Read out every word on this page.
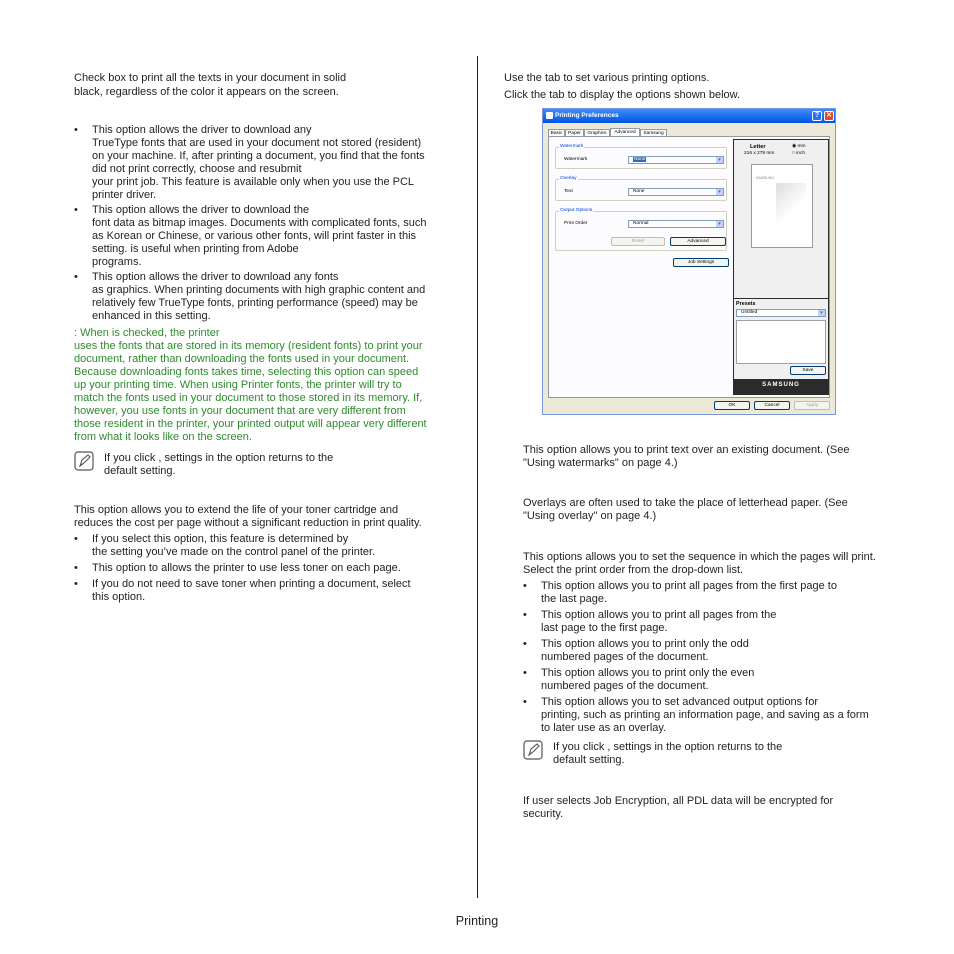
Check box to print all the texts in your document in solid
black, regardless of the color it appears on the screen.
• This option allows the driver to download any
TrueType fonts that are used in your document not stored (resident)
on your machine. If, after printing a document, you find that the fonts
did not print correctly, choose and resubmit
your print job. This feature is available only when you use the PCL
printer driver.
• This option allows the driver to download the
font data as bitmap images. Documents with complicated fonts, such
as Korean or Chinese, or various other fonts, will print faster in this
setting. is useful when printing from Adobe
programs.
• This option allows the driver to download any fonts
as graphics. When printing documents with high graphic content and
relatively few TrueType fonts, printing performance (speed) may be
enhanced in this setting.
: When is checked, the printer
uses the fonts that are stored in its memory (resident fonts) to print your
document, rather than downloading the fonts used in your document.
Because downloading fonts takes time, selecting this option can speed
up your printing time. When using Printer fonts, the printer will try to
match the fonts used in your document to those stored in its memory. If,
however, you use fonts in your document that are very different from
those resident in the printer, your printed output will appear very different
from what it looks like on the screen.
If you click , settings in the option returns to the
default setting.
This option allows you to extend the life of your toner cartridge and
reduces the cost per page without a significant reduction in print quality.
• If you select this option, this feature is determined by
the setting you’ve made on the control panel of the printer.
• This option to allows the printer to use less toner on each page.
• If you do not need to save toner when printing a document, select
this option.
Use the tab to set various printing options.
Click the tab to display the options shown below.
Printing Preferences	? ✕
Basic	Paper	Graphics	Advanced	Samsung
Watermark
Watermark	None	▾
Overlay
Text	None	▾
Output Options
Print Order	Normal	▾
Reset	Advanced
Job Settings
Letter
216 x 279 mm
◉ mm
○ inch
SAMSUNG
Presets
Untitled	▾
Save
SAMSUNG
OK	Cancel	Apply
This option allows you to print text over an existing document. (See
"Using watermarks" on page 4.)
Overlays are often used to take the place of letterhead paper. (See
"Using overlay" on page 4.)
This options allows you to set the sequence in which the pages will print.
Select the print order from the drop-down list.
• This option allows you to print all pages from the first page to
the last page.
• This option allows you to print all pages from the
last page to the first page.
• This option allows you to print only the odd
numbered pages of the document.
• This option allows you to print only the even
numbered pages of the document.
• This option allows you to set advanced output options for
printing, such as printing an information page, and saving as a form
to later use as an overlay.
If you click , settings in the option returns to the
default setting.
If user selects Job Encryption, all PDL data will be encrypted for
security.
Printing
